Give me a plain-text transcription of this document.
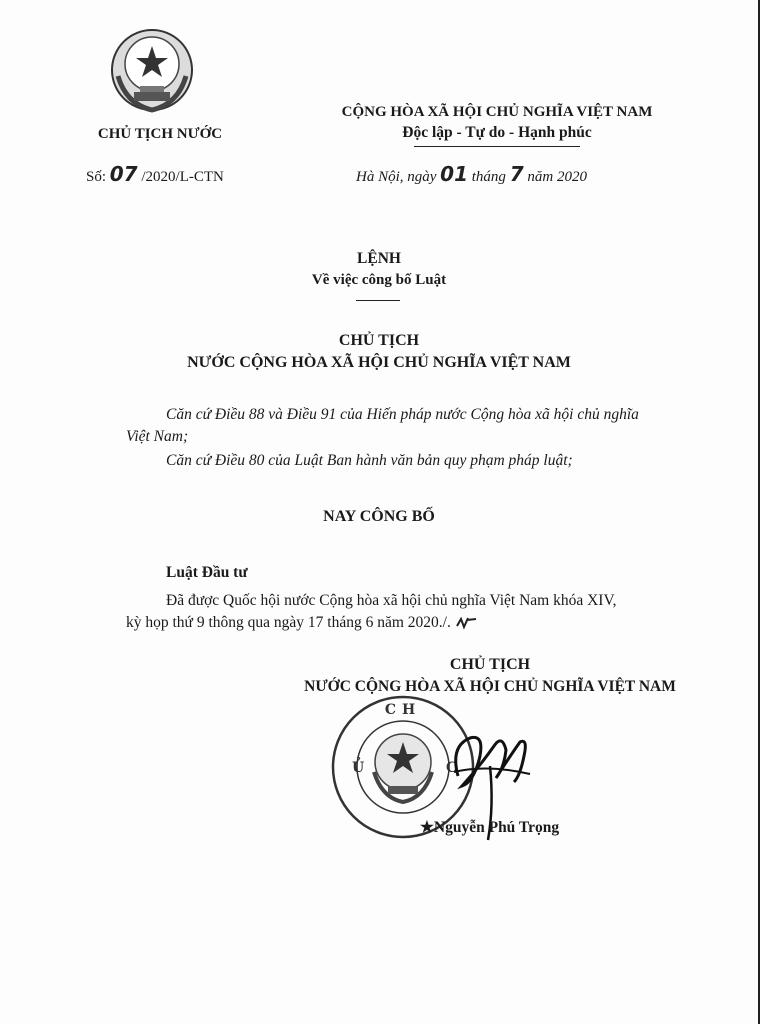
CHỦ TỊCH NƯỚC
Số: 07 /2020/L-CTN
CỘNG HÒA XÃ HỘI CHỦ NGHĨA VIỆT NAM
Độc lập - Tự do - Hạnh phúc
Hà Nội, ngày 01 tháng 7 năm 2020
LỆNH
Về việc công bố Luật
CHỦ TỊCH
NƯỚC CỘNG HÒA XÃ HỘI CHỦ NGHĨA VIỆT NAM

Căn cứ Điều 88 và Điều 91 của Hiến pháp nước Cộng hòa xã hội chủ nghĩa

Việt Nam;

Căn cứ Điều 80 của Luật Ban hành văn bản quy phạm pháp luật;
NAY CÔNG BỐ
Luật Đầu tư

Đã được Quốc hội nước Cộng hòa xã hội chủ nghĩa Việt Nam khóa XIV,

kỳ họp thứ 9 thông qua ngày 17 tháng 6 năm 2020./.

CHỦ TỊCH
NƯỚC CỘNG HÒA XÃ HỘI CHỦ NGHĨA VIỆT NAM
CH
Ủ	C
★Nguyễn Phú Trọng
